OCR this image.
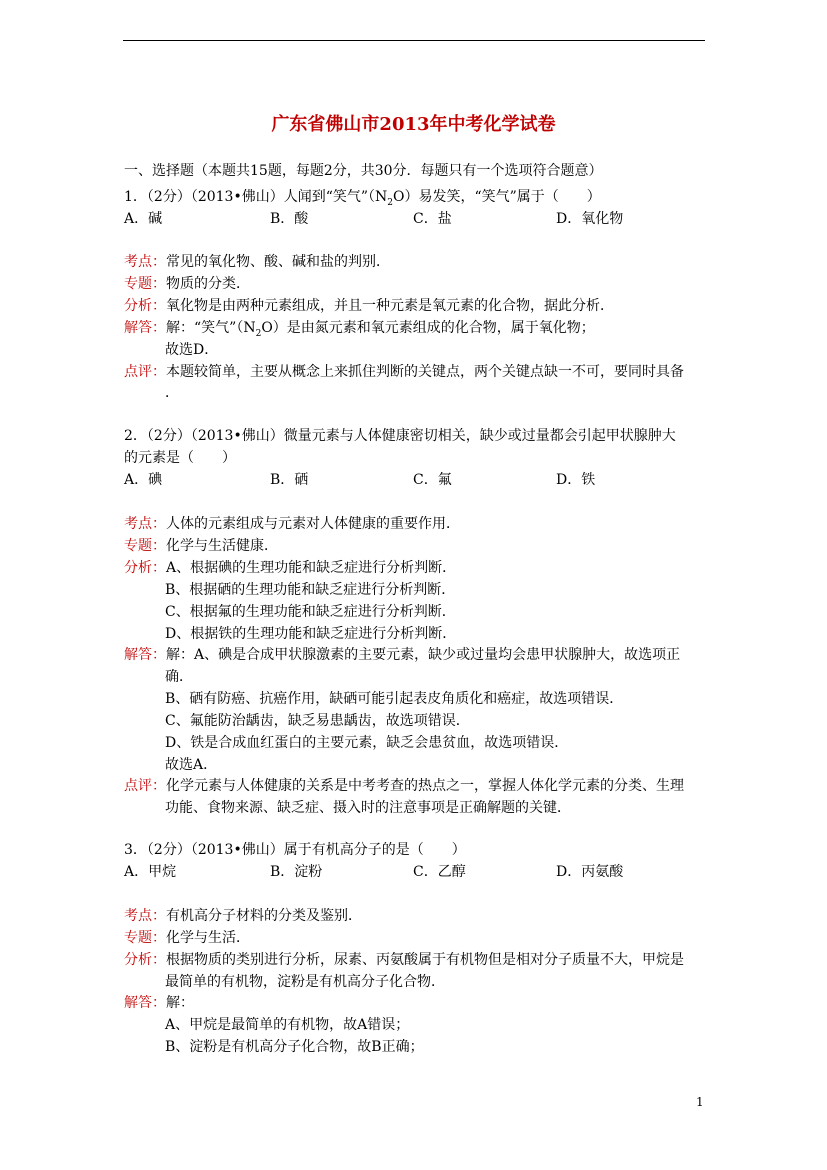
广东省佛山市2013年中考化学试卷
一、选择题（本题共15题，每题2分，共30分．每题只有一个选项符合题意）
1．（2分）（2013•佛山）人闻到“笑气$”(N_2O)$易发笑，“笑气”属于（　　）
A．碱	B．酸	C．盐	D．氧化物
考点：常见的氧化物、酸、碱和盐的判别．
专题：物质的分类．
分析：氧化物是由两种元素组成，并且一种元素是氧元素的化合物，据此分析．
解答：解：“笑气$”(N_2O)$是由氮元素和氧元素组成的化合物，属于氧化物；
故选D．
点评：本题较简单，主要从概念上来抓住判断的关键点，两个关键点缺一不可，要同时具备
．
2．（2分）（2013•佛山）微量元素与人体健康密切相关，缺少或过量都会引起甲状腺肿大
的元素是（　　）
A．碘	B．硒	C．氟	D．铁
考点：人体的元素组成与元素对人体健康的重要作用．
专题：化学与生活健康．
分析：A、根据碘的生理功能和缺乏症进行分析判断．
B、根据硒的生理功能和缺乏症进行分析判断．
C、根据氟的生理功能和缺乏症进行分析判断．
D、根据铁的生理功能和缺乏症进行分析判断．
解答：解：A、碘是合成甲状腺激素的主要元素，缺少或过量均会患甲状腺肿大，故选项正
确．
B、硒有防癌、抗癌作用，缺硒可能引起表皮角质化和癌症，故选项错误．
C、氟能防治龋齿，缺乏易患龋齿，故选项错误．
D、铁是合成血红蛋白的主要元素，缺乏会患贫血，故选项错误．
故选A．
点评：化学元素与人体健康的关系是中考考查的热点之一，掌握人体化学元素的分类、生理
功能、食物来源、缺乏症、摄入时的注意事项是正确解题的关键．
3．（2分）（2013•佛山）属于有机高分子的是（　　）
A．甲烷	B．淀粉	C．乙醇	D．丙氨酸
考点：有机高分子材料的分类及鉴别．
专题：化学与生活．
分析：根据物质的类别进行分析，尿素、丙氨酸属于有机物但是相对分子质量不大，甲烷是
最简单的有机物，淀粉是有机高分子化合物．
解答：解：
A、甲烷是最简单的有机物，故A错误；
B、淀粉是有机高分子化合物，故B正确；
1
